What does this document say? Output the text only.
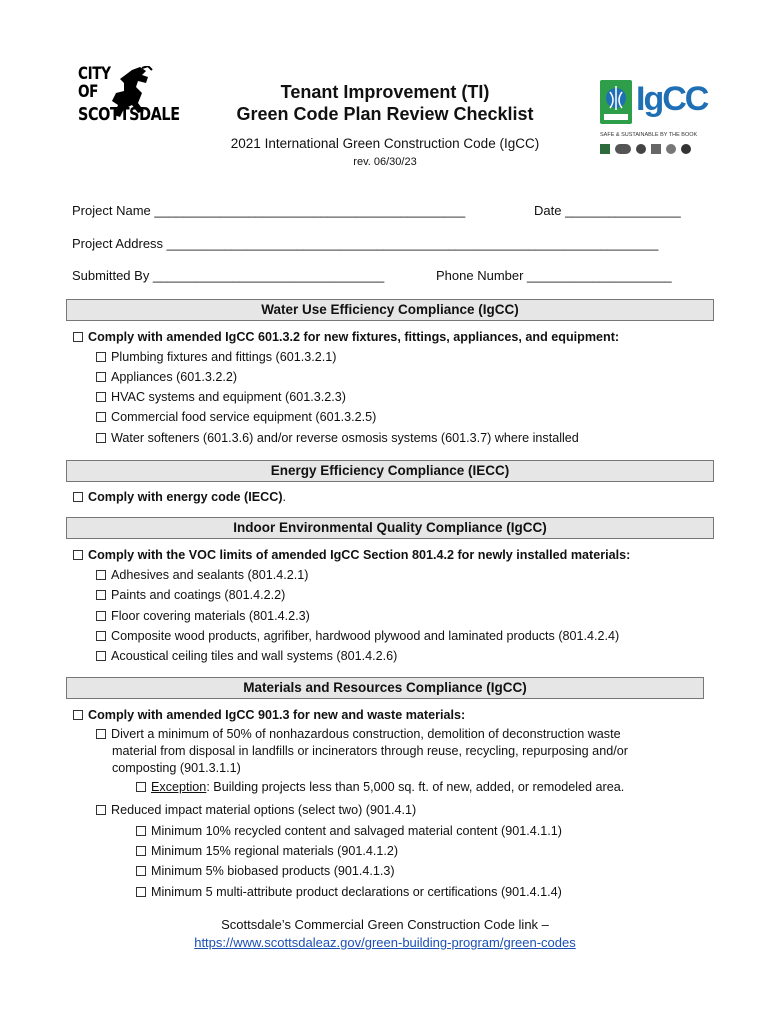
CITY
OF
SCOTTSDALE	IgCC
SAFE & SUSTAINABLE BY THE BOOK
Tenant Improvement (TI)
Green Code Plan Review Checklist
2021 International Green Construction Code (IgCC)
rev. 06/30/23
Project Name ___________________________________________	Date ________________
Project Address ____________________________________________________________________
Submitted By ________________________________	Phone Number ____________________
Water Use Efficiency Compliance (IgCC)
Comply with amended IgCC 601.3.2 for new fixtures, fittings, appliances, and equipment:
Plumbing fixtures and fittings (601.3.2.1)
Appliances (601.3.2.2)
HVAC systems and equipment (601.3.2.3)
Commercial food service equipment (601.3.2.5)
Water softeners (601.3.6) and/or reverse osmosis systems (601.3.7) where installed
Energy Efficiency Compliance (IECC)
Comply with energy code (IECC).
Indoor Environmental Quality Compliance (IgCC)
Comply with the VOC limits of amended IgCC Section 801.4.2 for newly installed materials:
Adhesives and sealants (801.4.2.1)
Paints and coatings (801.4.2.2)
Floor covering materials (801.4.2.3)
Composite wood products, agrifiber, hardwood plywood and laminated products (801.4.2.4)
Acoustical ceiling tiles and wall systems (801.4.2.6)
Materials and Resources Compliance (IgCC)
Comply with amended IgCC 901.3 for new and waste materials:
Divert a minimum of 50% of nonhazardous construction, demolition of deconstruction waste
material from disposal in landfills or incinerators through reuse, recycling, repurposing and/or
composting (901.3.1.1)
Exception: Building projects less than 5,000 sq. ft. of new, added, or remodeled area.
Reduced impact material options (select two) (901.4.1)
Minimum 10% recycled content and salvaged material content (901.4.1.1)
Minimum 15% regional materials (901.4.1.2)
Minimum 5% biobased products (901.4.1.3)
Minimum 5 multi-attribute product declarations or certifications (901.4.1.4)
Scottsdale’s Commercial Green Construction Code link –
https://www.scottsdaleaz.gov/green-building-program/green-codes
